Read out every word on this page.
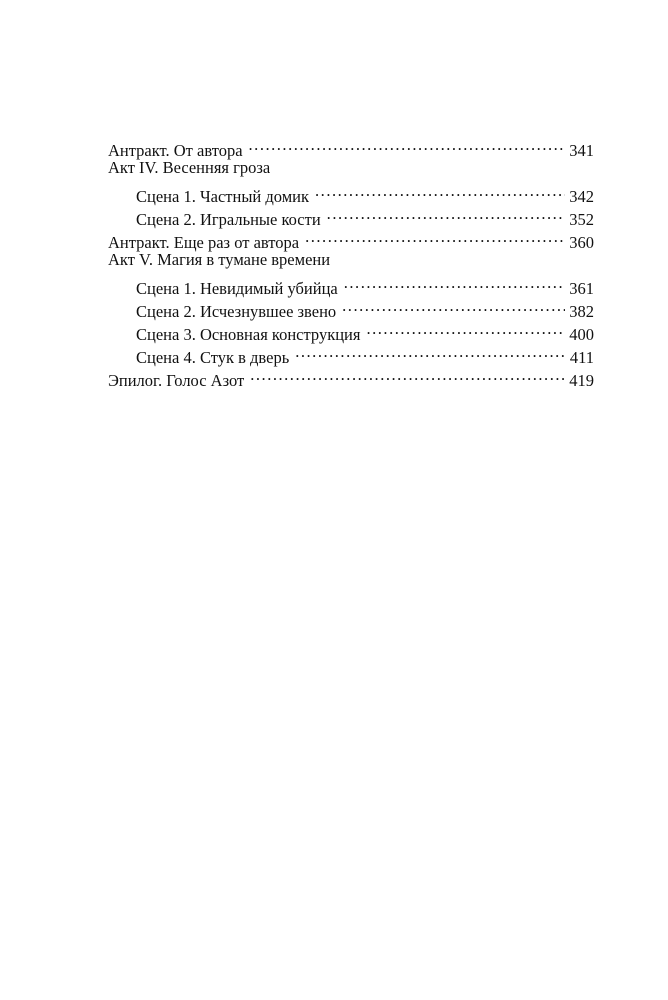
Антракт. От автора . . .	341
Акт IV. Весенняя гроза
Сцена 1. Частный домик . . .	342
Сцена 2. Игральные кости . . .	352
Антракт. Еще раз от автора . . .	360
Акт V. Магия в тумане времени
Сцена 1. Невидимый убийца . . .	361
Сцена 2. Исчезнувшее звено . . .	382
Сцена 3. Основная конструкция . . .	400
Сцена 4. Стук в дверь . . .	411
Эпилог. Голос Азот . . .	419
